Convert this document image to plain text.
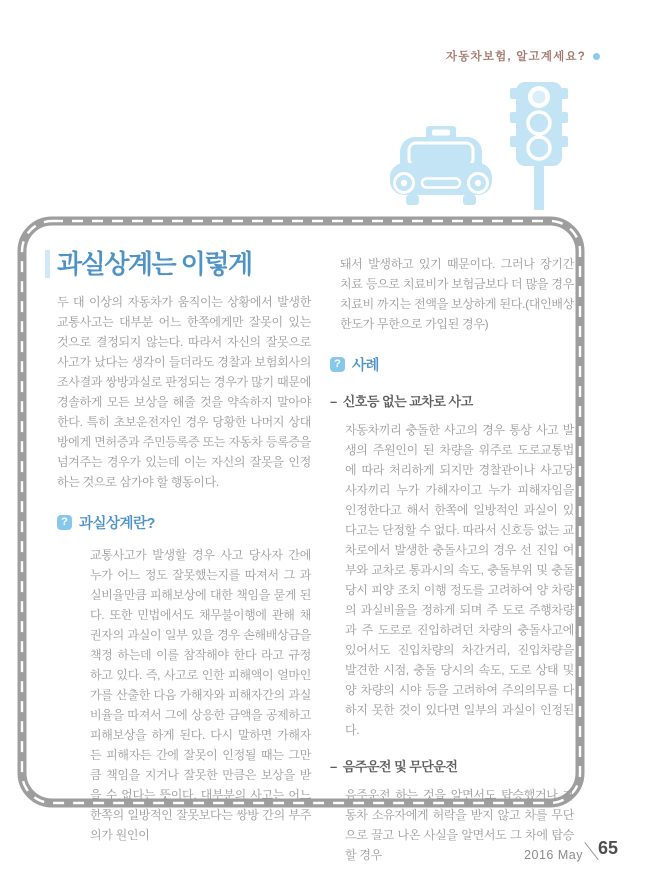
자동차보험, 알고계세요?
과실상계는 이렇게

두 대 이상의 자동차가 움직이는 상황에서 발생한 교통사고는 대부분 어느 한쪽에게만 잘못이 있는 것으로 결정되지 않는다. 따라서 자신의 잘못으로 사고가 났다는 생각이 들더라도 경찰과 보험회사의 조사결과 쌍방과실로 판정되는 경우가 많기 때문에 경솔하게 모든 보상을 해줄 것을 약속하지 말아야 한다. 특히 초보운전자인 경우 당황한 나머지 상대방에게 면허증과 주민등록증 또는 자동차 등록증을 넘겨주는 경우가 있는데 이는 자신의 잘못을 인정하는 것으로 삼가야 할 행동이다.

? 과실상계란?

교통사고가 발생할 경우 사고 당사자 간에 누가 어느 정도 잘못했는지를 따져서 그 과실비율만큼 피해보상에 대한 책임을 묻게 된다. 또한 민법에서도 채무불이행에 관해 채권자의 과실이 일부 있을 경우 손해배상금을 책정 하는데 이를 참작해야 한다 라고 규정하고 있다. 즉, 사고로 인한 피해액이 얼마인가를 산출한 다음 가해자와 피해자간의 과실비율을 따져서 그에 상응한 금액을 공제하고 피해보상을 하게 된다. 다시 말하면 가해자든 피해자든 간에 잘못이 인정될 때는 그만큼 책임을 지거나 잘못한 만큼은 보상을 받을 수 없다는 뜻이다. 대부분의 사고는 어느 한쪽의 일방적인 잘못보다는 쌍방 간의 부주의가 원인이

돼서 발생하고 있기 때문이다. 그러나 장기간 치료 등으로 치료비가 보험금보다 더 많을 경우 치료비 까지는 전액을 보상하게 된다.(대인배상 한도가 무한으로 가입된 경우)

? 사례
– 신호등 없는 교차로 사고

자동차끼리 충돌한 사고의 경우 통상 사고 발생의 주원인이 된 차량을 위주로 도로교통법에 따라 처리하게 되지만 경찰관이나 사고당사자끼리 누가 가해자이고 누가 피해자임을 인정한다고 해서 한쪽에 일방적인 과실이 있다고는 단정할 수 없다. 따라서 신호등 없는 교차로에서 발생한 충돌사고의 경우 선 진입 여부와 교차로 통과시의 속도, 충돌부위 및 충돌 당시 피양 조치 이행 정도를 고려하여 양 차량의 과실비율을 정하게 되며 주 도로 주행차량과 주 도로로 진입하려던 차량의 충돌사고에 있어서도 진입차량의 차간거리, 진입차량을 발견한 시점, 충돌 당시의 속도, 도로 상태 및 양 차량의 시야 등을 고려하여 주의의무를 다하지 못한 것이 있다면 일부의 과실이 인정된다.

– 음주운전 및 무단운전

음주운전 하는 것을 알면서도 탑승했거나 자동차 소유자에게 허락을 받지 않고 차를 무단으로 끌고 나온 사실을 알면서도 그 차에 탑승할 경우	2016 May 65
